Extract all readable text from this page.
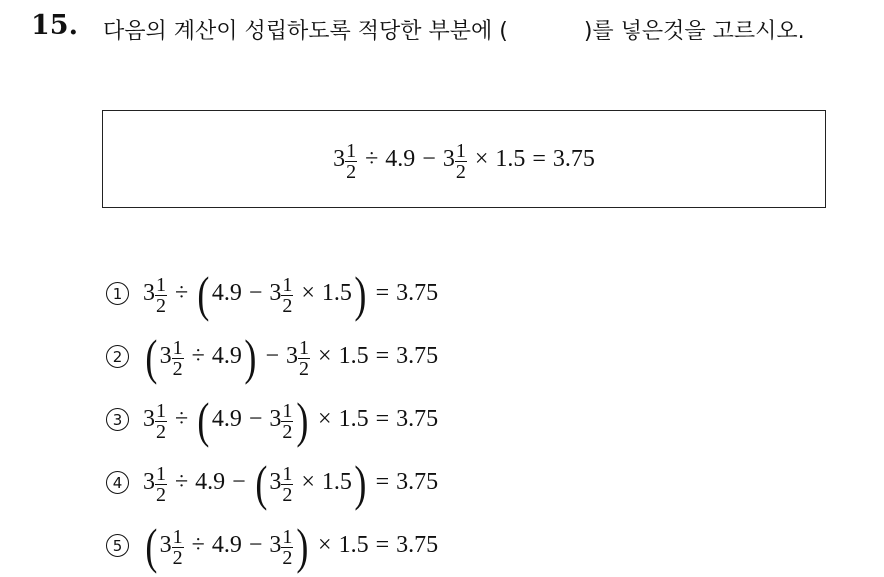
15. 다음의 계산이 성립하도록 적당한 부분에 (	)를 넣은것을 고르시오.
$3 \frac{1}{2} \div 4.9 - 3 \frac{1}{2} \times 1.5 = 3.75$
1 $3 \frac{1}{2}$ ÷ ( $4.9 - 3 \frac{1}{2} \times 1.5$ ) = 3.75
2 ( $3 \frac{1}{2} \div 4.9$ ) − $3 \frac{1}{2} \times 1.5 = 3.75$
3 $3 \frac{1}{2}$ ÷ ( $4.9 - 3 \frac{1}{2}$ ) × 1.5 = 3.75
4 $3 \frac{1}{2} \div 4.9$ − ( $3 \frac{1}{2} \times 1.5$ ) = 3.75
5 ( $3 \frac{1}{2} \div 4.9 - 3 \frac{1}{2}$ ) × 1.5 = 3.75
